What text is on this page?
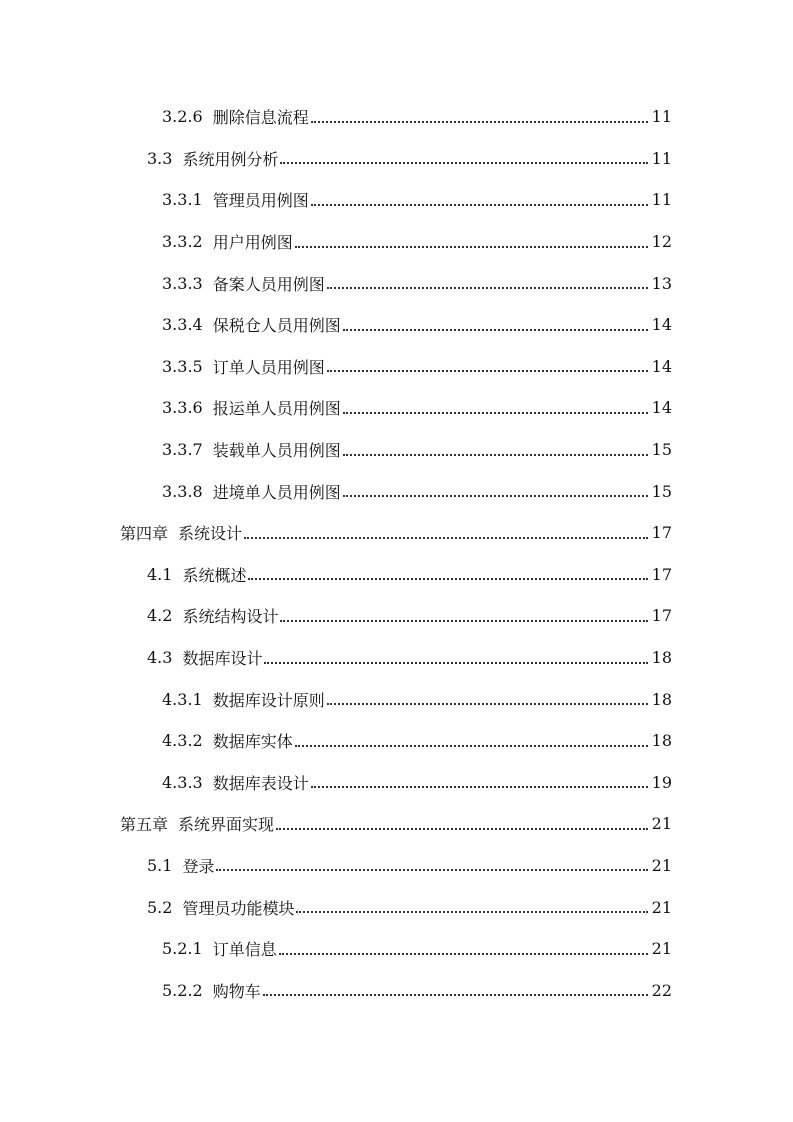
3.2.6 删除信息流程	11
3.3 系统用例分析	11
3.3.1 管理员用例图	11
3.3.2 用户用例图	12
3.3.3 备案人员用例图	13
3.3.4 保税仓人员用例图	14
3.3.5 订单人员用例图	14
3.3.6 报运单人员用例图	14
3.3.7 装载单人员用例图	15
3.3.8 进境单人员用例图	15
第四章 系统设计	17
4.1 系统概述	17
4.2 系统结构设计	17
4.3 数据库设计	18
4.3.1 数据库设计原则	18
4.3.2 数据库实体	18
4.3.3 数据库表设计	19
第五章 系统界面实现	21
5.1 登录	21
5.2 管理员功能模块	21
5.2.1 订单信息	21
5.2.2 购物车	22
